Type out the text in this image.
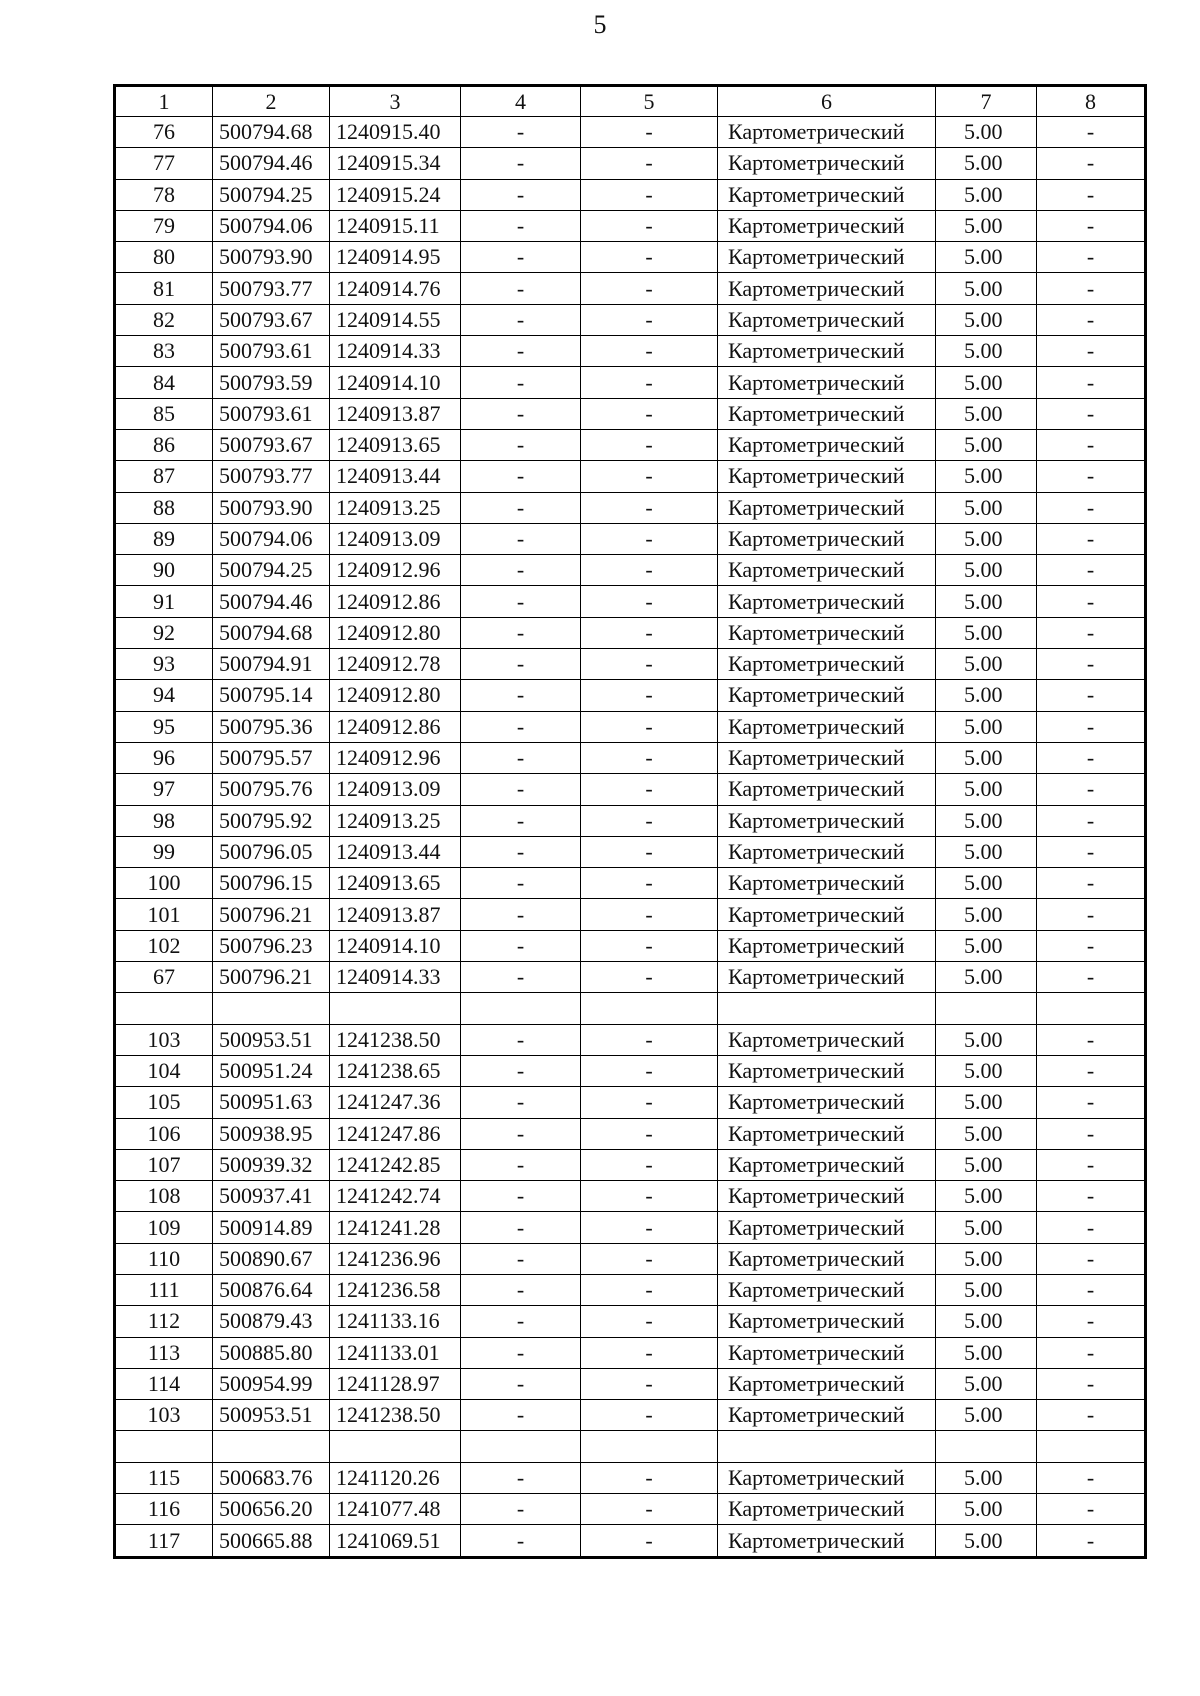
5
1	2	3	4	5	6	7	8
76	500794.68	1240915.40	-	-	Картометрический	5.00	-
77	500794.46	1240915.34	-	-	Картометрический	5.00	-
78	500794.25	1240915.24	-	-	Картометрический	5.00	-
79	500794.06	1240915.11	-	-	Картометрический	5.00	-
80	500793.90	1240914.95	-	-	Картометрический	5.00	-
81	500793.77	1240914.76	-	-	Картометрический	5.00	-
82	500793.67	1240914.55	-	-	Картометрический	5.00	-
83	500793.61	1240914.33	-	-	Картометрический	5.00	-
84	500793.59	1240914.10	-	-	Картометрический	5.00	-
85	500793.61	1240913.87	-	-	Картометрический	5.00	-
86	500793.67	1240913.65	-	-	Картометрический	5.00	-
87	500793.77	1240913.44	-	-	Картометрический	5.00	-
88	500793.90	1240913.25	-	-	Картометрический	5.00	-
89	500794.06	1240913.09	-	-	Картометрический	5.00	-
90	500794.25	1240912.96	-	-	Картометрический	5.00	-
91	500794.46	1240912.86	-	-	Картометрический	5.00	-
92	500794.68	1240912.80	-	-	Картометрический	5.00	-
93	500794.91	1240912.78	-	-	Картометрический	5.00	-
94	500795.14	1240912.80	-	-	Картометрический	5.00	-
95	500795.36	1240912.86	-	-	Картометрический	5.00	-
96	500795.57	1240912.96	-	-	Картометрический	5.00	-
97	500795.76	1240913.09	-	-	Картометрический	5.00	-
98	500795.92	1240913.25	-	-	Картометрический	5.00	-
99	500796.05	1240913.44	-	-	Картометрический	5.00	-
100	500796.15	1240913.65	-	-	Картометрический	5.00	-
101	500796.21	1240913.87	-	-	Картометрический	5.00	-
102	500796.23	1240914.10	-	-	Картометрический	5.00	-
67	500796.21	1240914.33	-	-	Картометрический	5.00	-

103	500953.51	1241238.50	-	-	Картометрический	5.00	-
104	500951.24	1241238.65	-	-	Картометрический	5.00	-
105	500951.63	1241247.36	-	-	Картометрический	5.00	-
106	500938.95	1241247.86	-	-	Картометрический	5.00	-
107	500939.32	1241242.85	-	-	Картометрический	5.00	-
108	500937.41	1241242.74	-	-	Картометрический	5.00	-
109	500914.89	1241241.28	-	-	Картометрический	5.00	-
110	500890.67	1241236.96	-	-	Картометрический	5.00	-
111	500876.64	1241236.58	-	-	Картометрический	5.00	-
112	500879.43	1241133.16	-	-	Картометрический	5.00	-
113	500885.80	1241133.01	-	-	Картометрический	5.00	-
114	500954.99	1241128.97	-	-	Картометрический	5.00	-
103	500953.51	1241238.50	-	-	Картометрический	5.00	-

115	500683.76	1241120.26	-	-	Картометрический	5.00	-
116	500656.20	1241077.48	-	-	Картометрический	5.00	-
117	500665.88	1241069.51	-	-	Картометрический	5.00	-
